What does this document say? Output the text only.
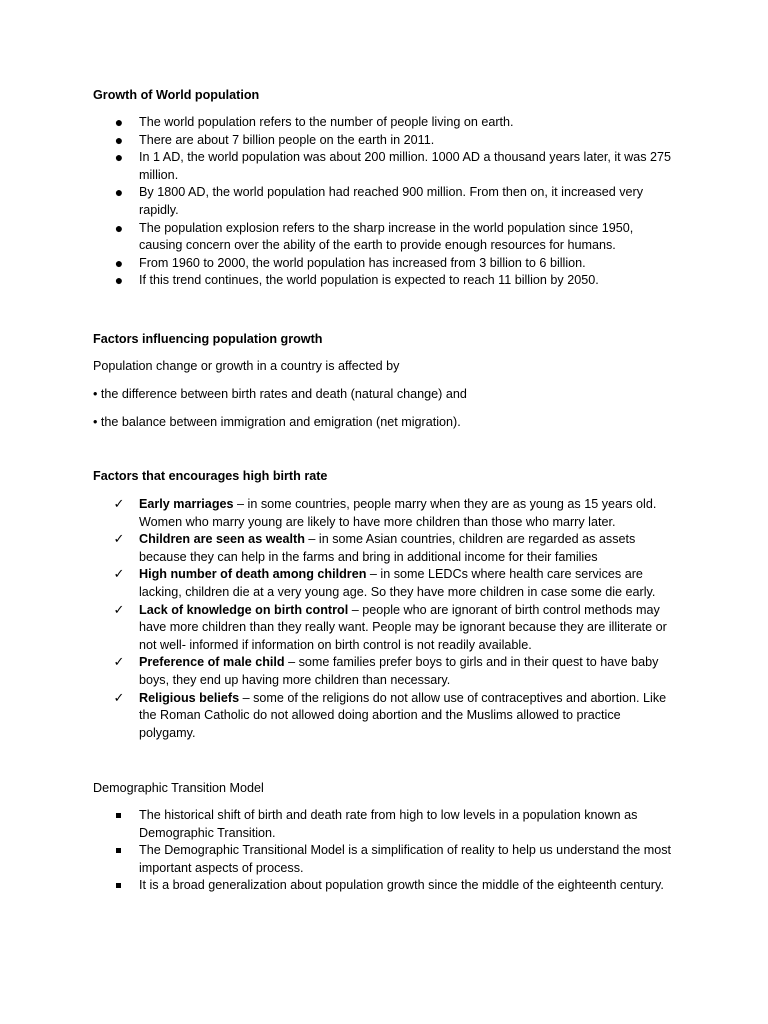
Growth of World population
● The world population refers to the number of people living on earth.
● There are about 7 billion people on the earth in 2011.
● In 1 AD, the world population was about 200 million. 1000 AD a thousand years later, it was 275 million.
● By 1800 AD, the world population had reached 900 million. From then on, it increased very rapidly.
● The population explosion refers to the sharp increase in the world population since 1950, causing concern over the ability of the earth to provide enough resources for humans.
● From 1960 to 2000, the world population has increased from 3 billion to 6 billion.
● If this trend continues, the world population is expected to reach 11 billion by 2050.
Factors influencing population growth

Population change or growth in a country is affected by

• the difference between birth rates and death (natural change) and

• the balance between immigration and emigration (net migration).

Factors that encourages high birth rate
✓ Early marriages – in some countries, people marry when they are as young as 15 years old. Women who marry young are likely to have more children than those who marry later.
✓ Children are seen as wealth – in some Asian countries, children are regarded as assets because they can help in the farms and bring in additional income for their families
✓ High number of death among children – in some LEDCs where health care services are lacking, children die at a very young age. So they have more children in case some die early.
✓ Lack of knowledge on birth control – people who are ignorant of birth control methods may have more children than they really want. People may be ignorant because they are illiterate or not well- informed if information on birth control is not readily available.
✓ Preference of male child – some families prefer boys to girls and in their quest to have baby boys, they end up having more children than necessary.
✓ Religious beliefs – some of the religions do not allow use of contraceptives and abortion. Like the Roman Catholic do not allowed doing abortion and the Muslims allowed to practice polygamy.
Demographic Transition Model
The historical shift of birth and death rate from high to low levels in a population known as Demographic Transition.
The Demographic Transitional Model is a simplification of reality to help us understand the most important aspects of process.
It is a broad generalization about population growth since the middle of the eighteenth century.
